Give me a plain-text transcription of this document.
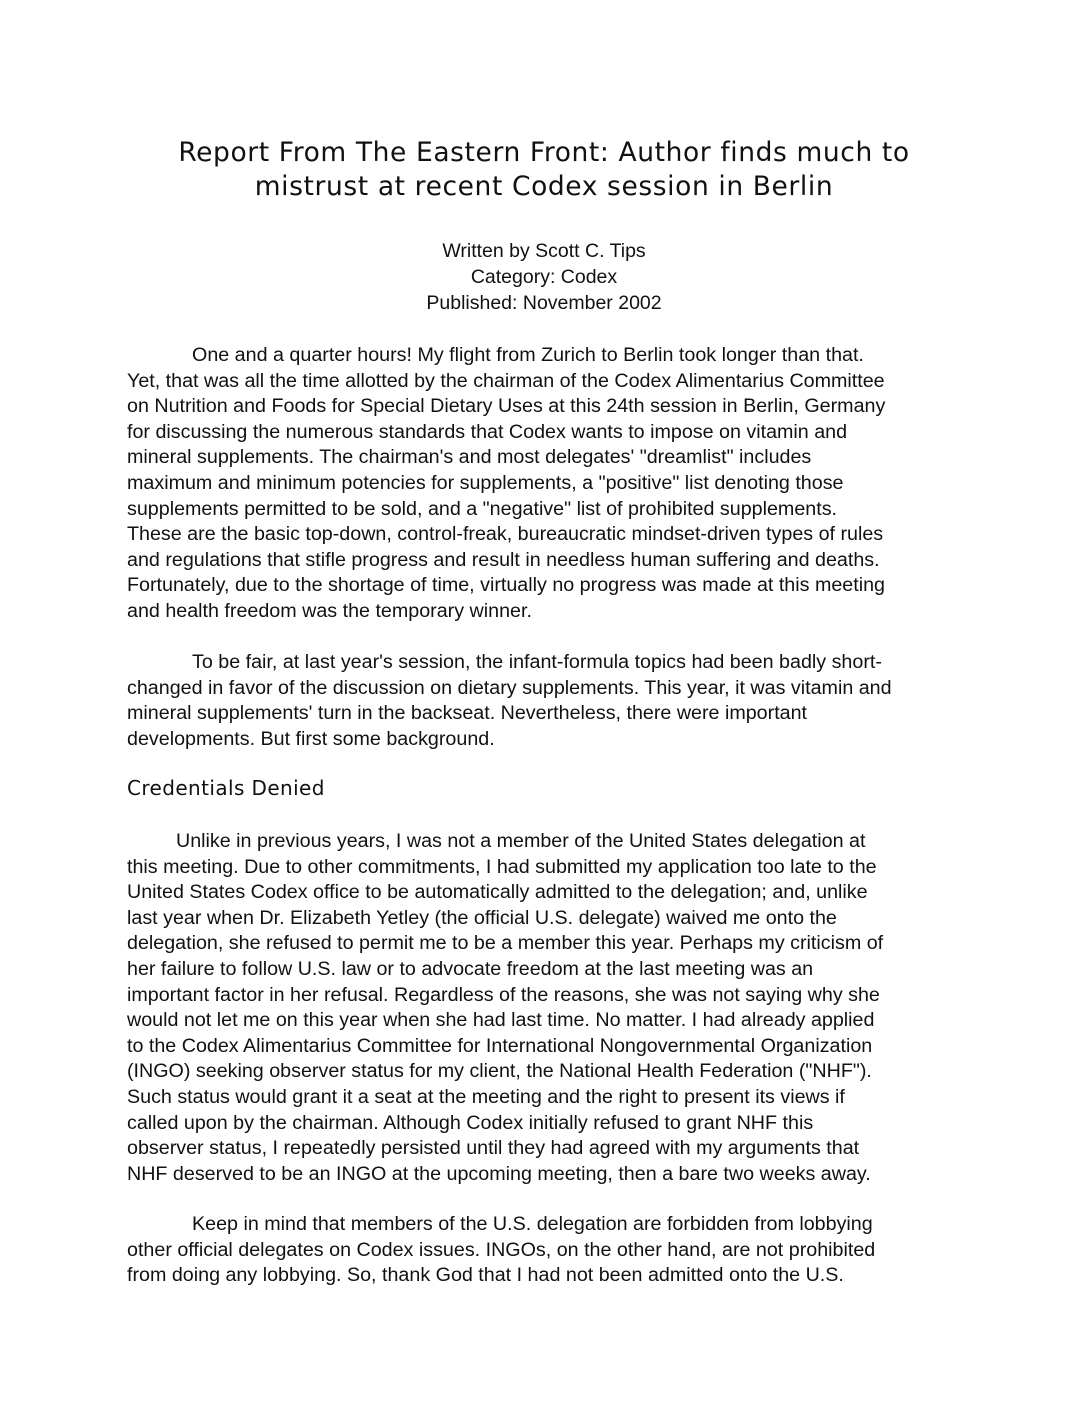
Report From The Eastern Front: Author finds much to
mistrust at recent Codex session in Berlin
Written by Scott C. Tips
Category: Codex
Published: November 2002
One and a quarter hours! My flight from Zurich to Berlin took longer than that.
Yet, that was all the time allotted by the chairman of the Codex Alimentarius Committee
on Nutrition and Foods for Special Dietary Uses at this 24th session in Berlin, Germany
for discussing the numerous standards that Codex wants to impose on vitamin and
mineral supplements. The chairman's and most delegates' "dreamlist" includes
maximum and minimum potencies for supplements, a "positive" list denoting those
supplements permitted to be sold, and a "negative" list of prohibited supplements.
These are the basic top-down, control-freak, bureaucratic mindset-driven types of rules
and regulations that stifle progress and result in needless human suffering and deaths.
Fortunately, due to the shortage of time, virtually no progress was made at this meeting
and health freedom was the temporary winner.
To be fair, at last year's session, the infant-formula topics had been badly short-
changed in favor of the discussion on dietary supplements. This year, it was vitamin and
mineral supplements' turn in the backseat. Nevertheless, there were important
developments. But first some background.
Credentials Denied
Unlike in previous years, I was not a member of the United States delegation at
this meeting. Due to other commitments, I had submitted my application too late to the
United States Codex office to be automatically admitted to the delegation; and, unlike
last year when Dr. Elizabeth Yetley (the official U.S. delegate) waived me onto the
delegation, she refused to permit me to be a member this year. Perhaps my criticism of
her failure to follow U.S. law or to advocate freedom at the last meeting was an
important factor in her refusal. Regardless of the reasons, she was not saying why she
would not let me on this year when she had last time. No matter. I had already applied
to the Codex Alimentarius Committee for International Nongovernmental Organization
(INGO) seeking observer status for my client, the National Health Federation ("NHF").
Such status would grant it a seat at the meeting and the right to present its views if
called upon by the chairman. Although Codex initially refused to grant NHF this
observer status, I repeatedly persisted until they had agreed with my arguments that
NHF deserved to be an INGO at the upcoming meeting, then a bare two weeks away.
Keep in mind that members of the U.S. delegation are forbidden from lobbying
other official delegates on Codex issues. INGOs, on the other hand, are not prohibited
from doing any lobbying. So, thank God that I had not been admitted onto the U.S.
